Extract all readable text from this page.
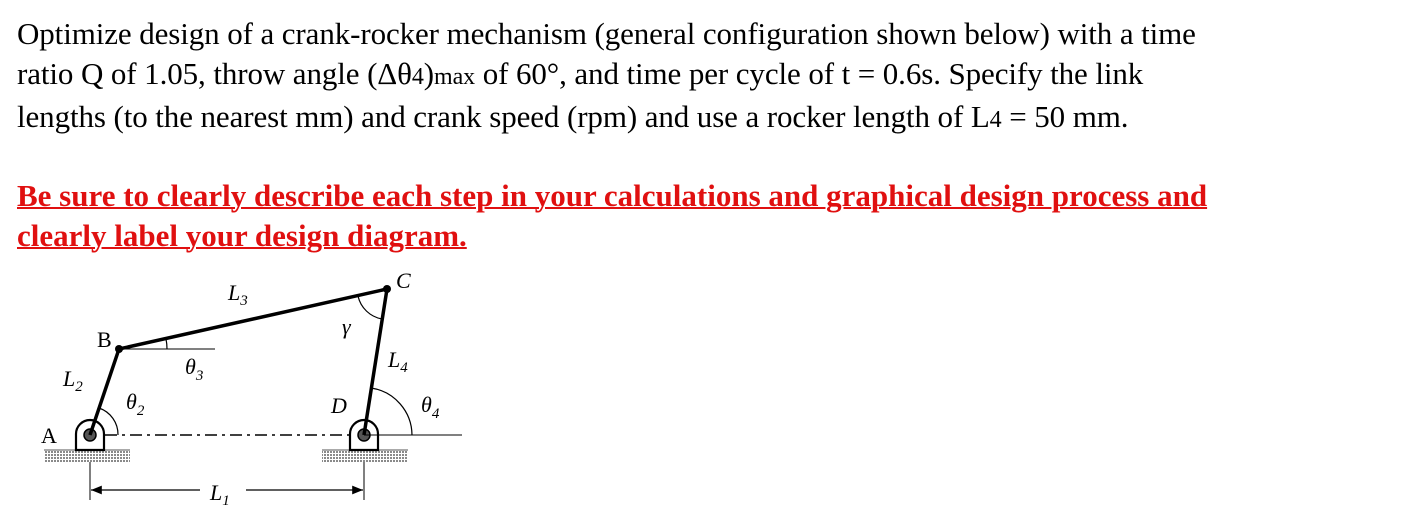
Optimize design of a crank-rocker mechanism (general configuration shown below) with a time
ratio Q of 1.05, throw angle (Δθ4)max of 60°, and time per cycle of t = 0.6s. Specify the link
lengths (to the nearest mm) and crank speed (rpm) and use a rocker length of L4 = 50 mm.
Be sure to clearly describe each step in your calculations and graphical design process and
clearly label your design diagram.
A
B
C
D
$L_1$
$L_2$
$L_3$
$L_4$
$\theta_2$
$\theta_3$
$\theta_4$
γ
